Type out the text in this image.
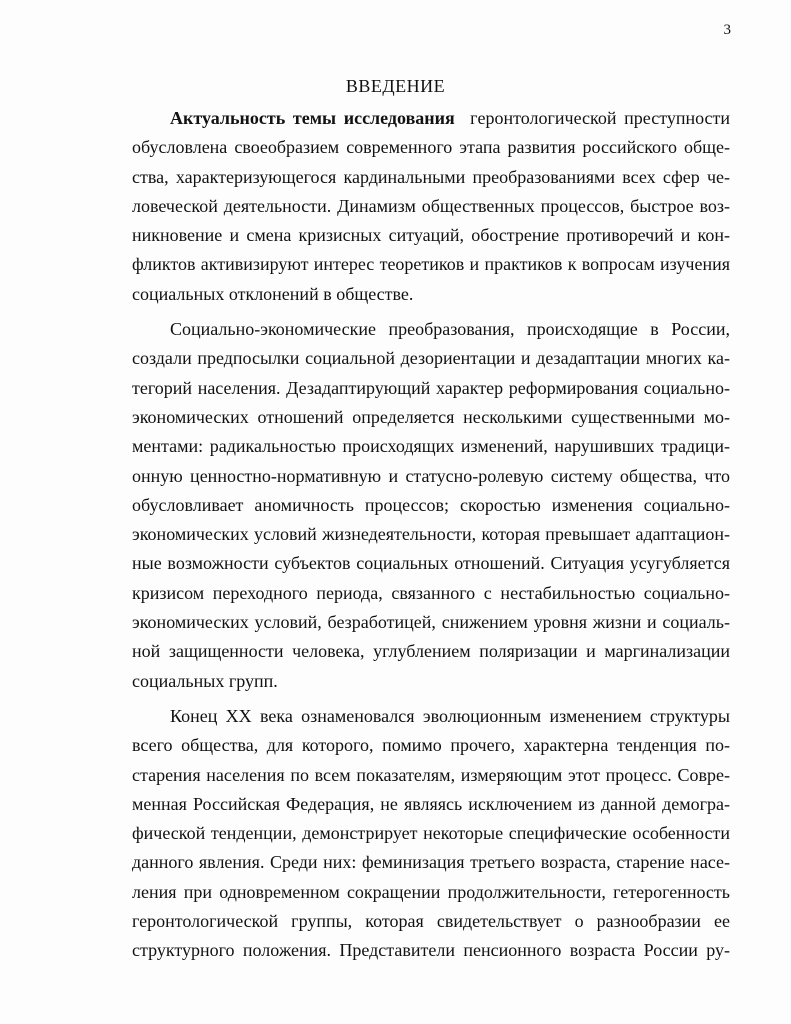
3
ВВЕДЕНИЕ
Актуальность темы исследования гeронтологической преступности
обусловлена своеобразием современного этапа развития российского обще-
ства, характеризующегося кардинальными преобразованиями всех сфер че-
ловеческой деятельности. Динамизм общественных процессов, быстрое воз-
никновение и смена кризисных ситуаций, обострение противоречий и кон-
фликтов активизируют интерес теоретиков и практиков к вопросам изучения
социальных отклонений в обществе.
Социально-экономические преобразования, происходящие в России,
создали предпосылки социальной дезориентации и дезадаптации многих ка-
тегорий населения. Дезадаптирующий характер реформирования социально-
экономических отношений определяется несколькими существенными мо-
ментами: радикальностью происходящих изменений, нарушивших традици-
онную ценностно-нормативную и статусно-ролевую систему общества, что
обусловливает аномичность процессов; скоростью изменения социально-
экономических условий жизнедеятельности, которая превышает адаптацион-
ные возможности субъектов социальных отношений. Ситуация усугубляется
кризисом переходного периода, связанного с нестабильностью социально-
экономических условий, безработицей, снижением уровня жизни и социаль-
ной защищенности человека, углублением поляризации и маргинализации
социальных групп.
Конец XX века ознаменовался эволюционным изменением структуры
всего общества, для которого, помимо прочего, характерна тенденция по-
старения населения по всем показателям, измеряющим этот процесс. Совре-
менная Российская Федерация, не являясь исключением из данной демогра-
фической тенденции, демонстрирует некоторые специфические особенности
данного явления. Среди них: феминизация третьего возраста, старение насе-
ления при одновременном сокращении продолжительности, гетерогенность
геронтологической группы, которая свидетельствует о разнообразии ее
структурного положения. Представители пенсионного возраста России ру-
